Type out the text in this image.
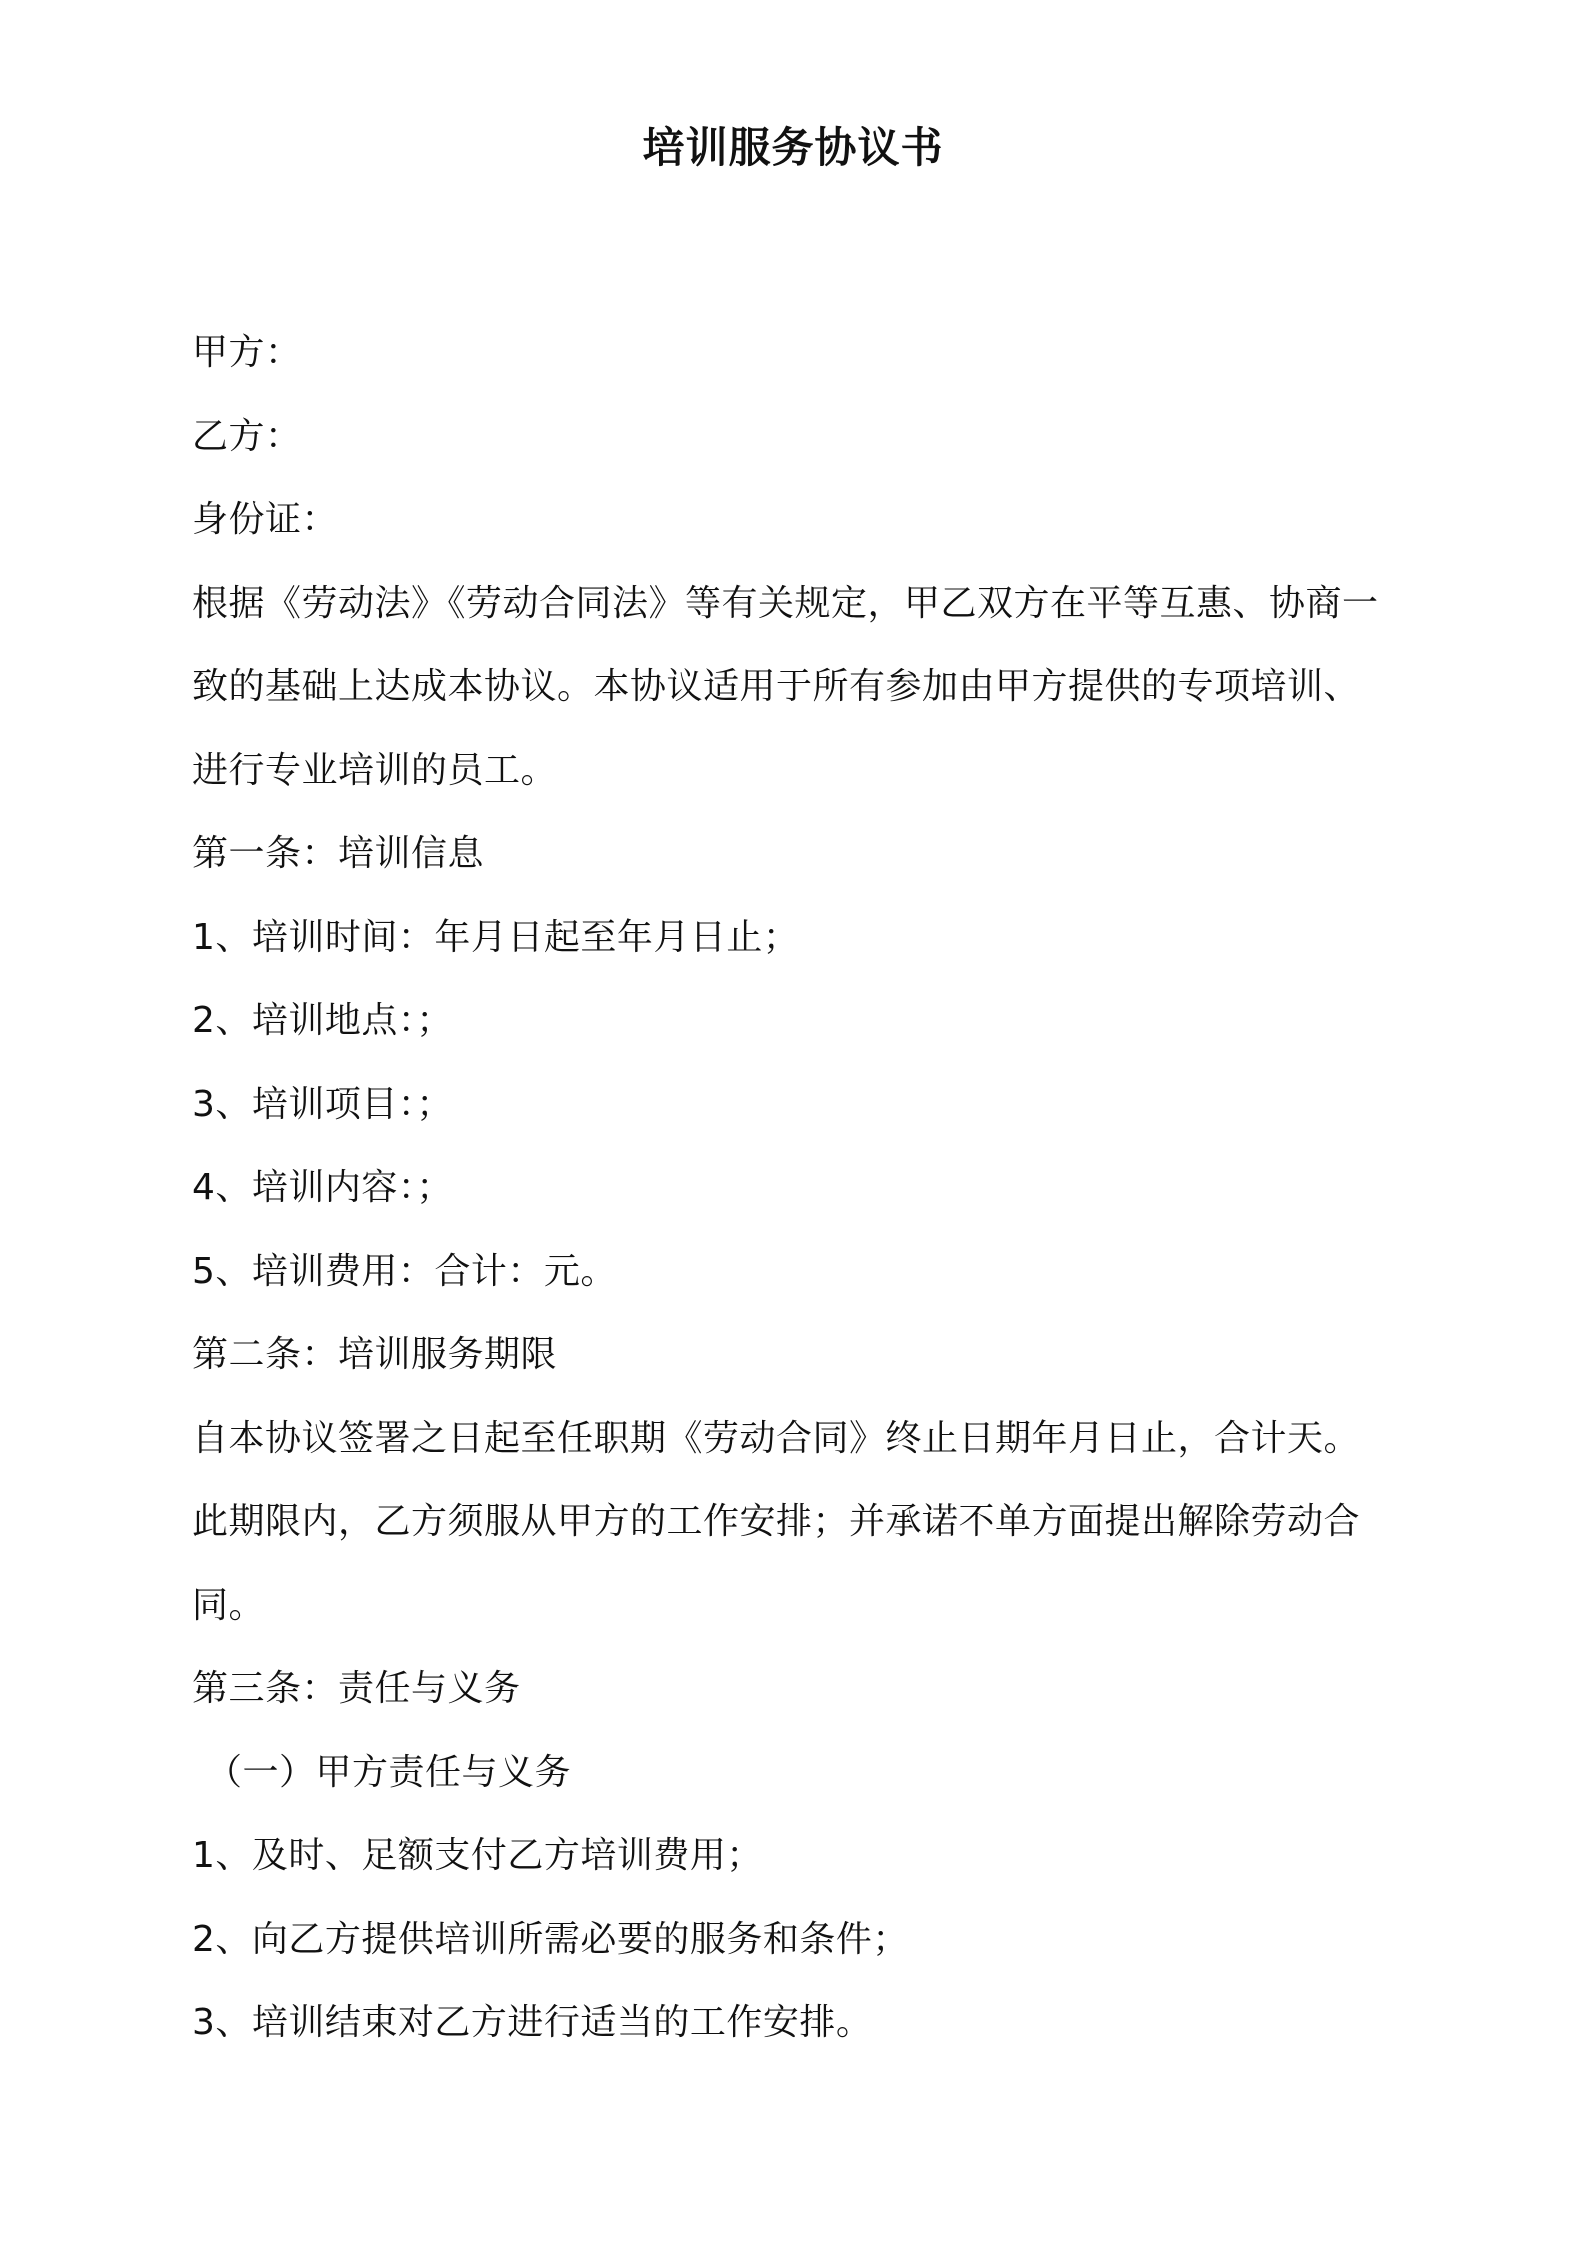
培训服务协议书
甲方：
乙方：
身份证：
根据《劳动法》《劳动合同法》等有关规定，甲乙双方在平等互惠、协商一
致的基础上达成本协议。本协议适用于所有参加由甲方提供的专项培训、
进行专业培训的员工。
第一条：培训信息
1、培训时间：年月日起至年月日止；
2、培训地点：；
3、培训项目：；
4、培训内容：；
5、培训费用：合计：元。
第二条：培训服务期限
自本协议签署之日起至任职期《劳动合同》终止日期年月日止，合计天。
此期限内，乙方须服从甲方的工作安排；并承诺不单方面提出解除劳动合
同。
第三条：责任与义务
（一）甲方责任与义务
1、及时、足额支付乙方培训费用；
2、向乙方提供培训所需必要的服务和条件；
3、培训结束对乙方进行适当的工作安排。
